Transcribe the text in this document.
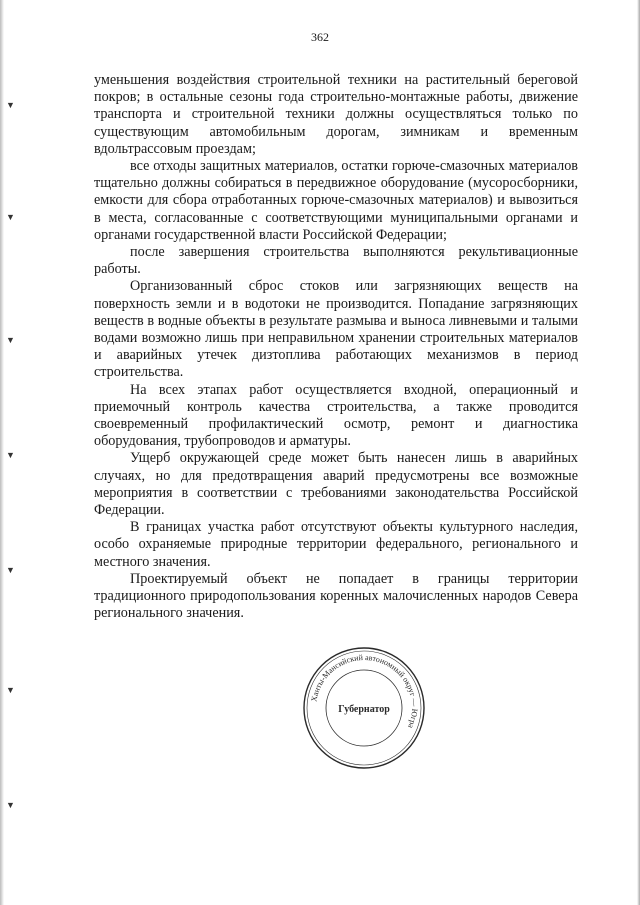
▼
▼
▼
▼
▼
▼
▼
362

уменьшения воздействия строительной техники на растительный береговой покров; в остальные сезоны года строительно-монтажные работы, движение транспорта и строительной техники должны осуществляться только по существующим автомобильным дорогам, зимникам и временным вдольтрассовым проездам;

все отходы защитных материалов, остатки горюче-смазочных материалов тщательно должны собираться в передвижное оборудование (мусоросборники, емкости для сбора отработанных горюче-смазочных материалов) и вывозиться в места, согласованные с соответствующими муниципальными органами и органами государственной власти Российской Федерации;

после завершения строительства выполняются рекультивационные работы.

Организованный сброс стоков или загрязняющих веществ на поверхность земли и в водотоки не производится. Попадание загрязняющих веществ в водные объекты в результате размыва и выноса ливневыми и талыми водами возможно лишь при неправильном хранении строительных материалов и аварийных утечек дизтоплива работающих механизмов в период строительства.

На всех этапах работ осуществляется входной, операционный и приемочный контроль качества строительства, а также проводится своевременный профилактический осмотр, ремонт и диагностика оборудования, трубопроводов и арматуры.

Ущерб окружающей среде может быть нанесен лишь в аварийных случаях, но для предотвращения аварий предусмотрены все возможные мероприятия в соответствии с требованиями законодательства Российской Федерации.

В границах участка работ отсутствуют объекты культурного наследия, особо охраняемые природные территории федерального, регионального и местного значения.

Проектируемый объект не попадает в границы территории традиционного природопользования коренных малочисленных народов Севера регионального значения.

Ханты-Мансийский автономный округ — Югра
Губернатор
